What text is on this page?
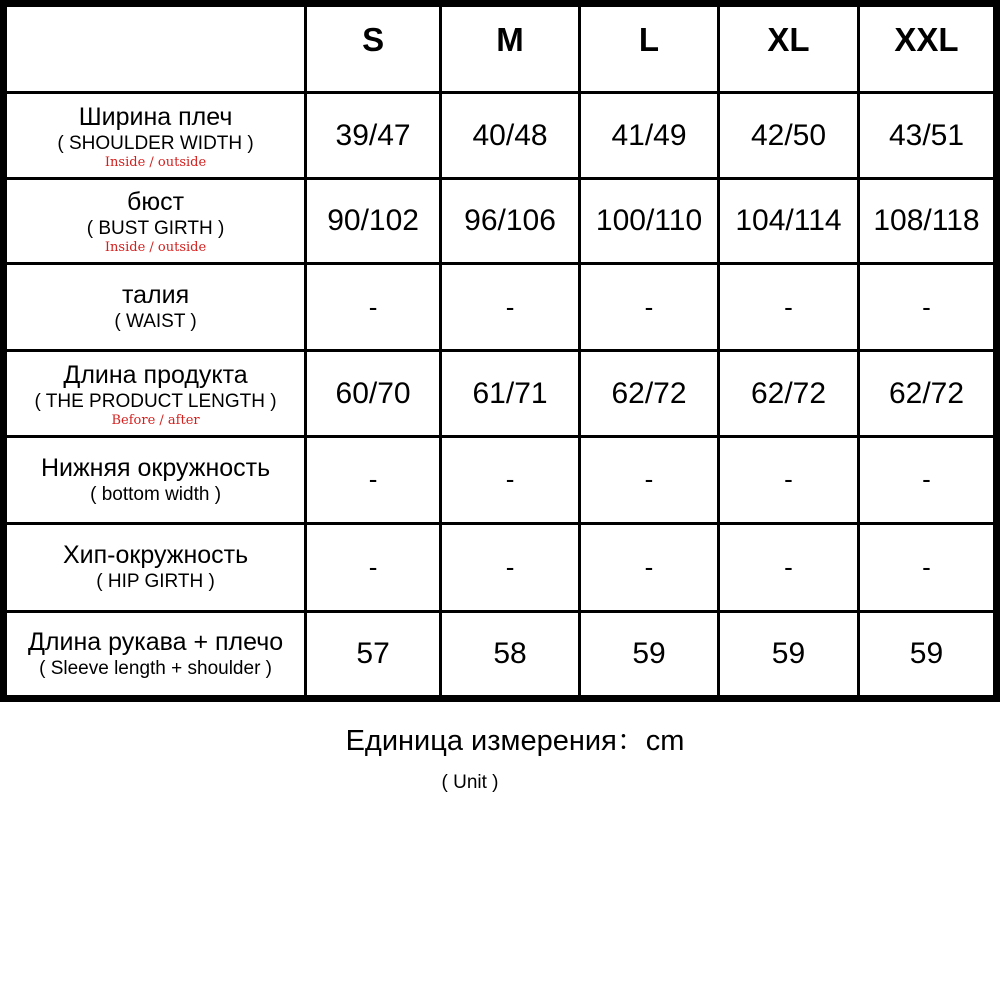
	S	M	L	XL	XXL

Ширина плеч
( SHOULDER WIDTH )
Inside / outside	39/47	40/48	41/49	42/50	43/51

бюст
( BUST GIRTH )
Inside / outside	90/102	96/106	100/110	104/114	108/118

талия
( WAIST )	-	-	-	-	-

Длина продукта
( THE PRODUCT LENGTH )
Before / after	60/70	61/71	62/72	62/72	62/72

Нижняя окружность
( bottom width )	-	-	-	-	-

Хип-окружность
( HIP GIRTH )	-	-	-	-	-

Длина рукава + плечо
( Sleeve length + shoulder )	57	58	59	59	59
Единица измерения：cm
( Unit )
